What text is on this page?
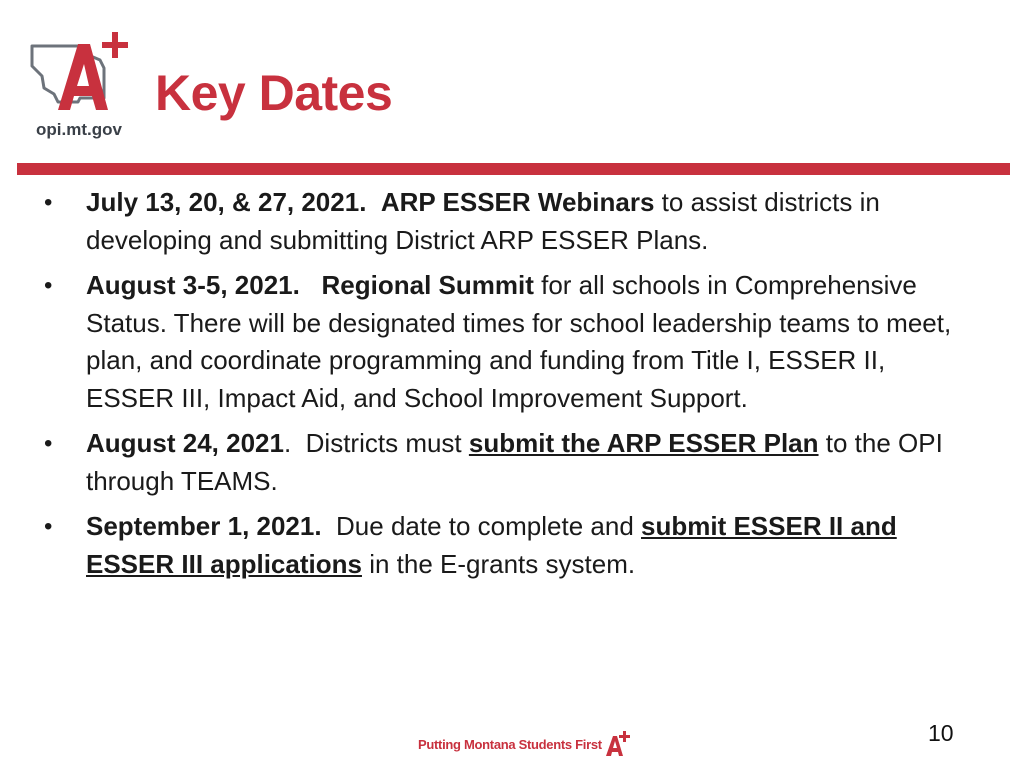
opi.mt.gov
Key Dates
• July 13, 20, & 27, 2021. ARP ESSER Webinars to assist districts in developing and submitting District ARP ESSER Plans.
• August 3-5, 2021. Regional Summit for all schools in Comprehensive Status. There will be designated times for school leadership teams to meet, plan, and coordinate programming and funding from Title I, ESSER II, ESSER III, Impact Aid, and School Improvement Support.
• August 24, 2021.  Districts must submit the ARP ESSER Plan to the OPI through TEAMS.
• September 1, 2021.  Due date to complete and submit ESSER II and ESSER III applications in the E-grants system.
10
Putting Montana Students First
